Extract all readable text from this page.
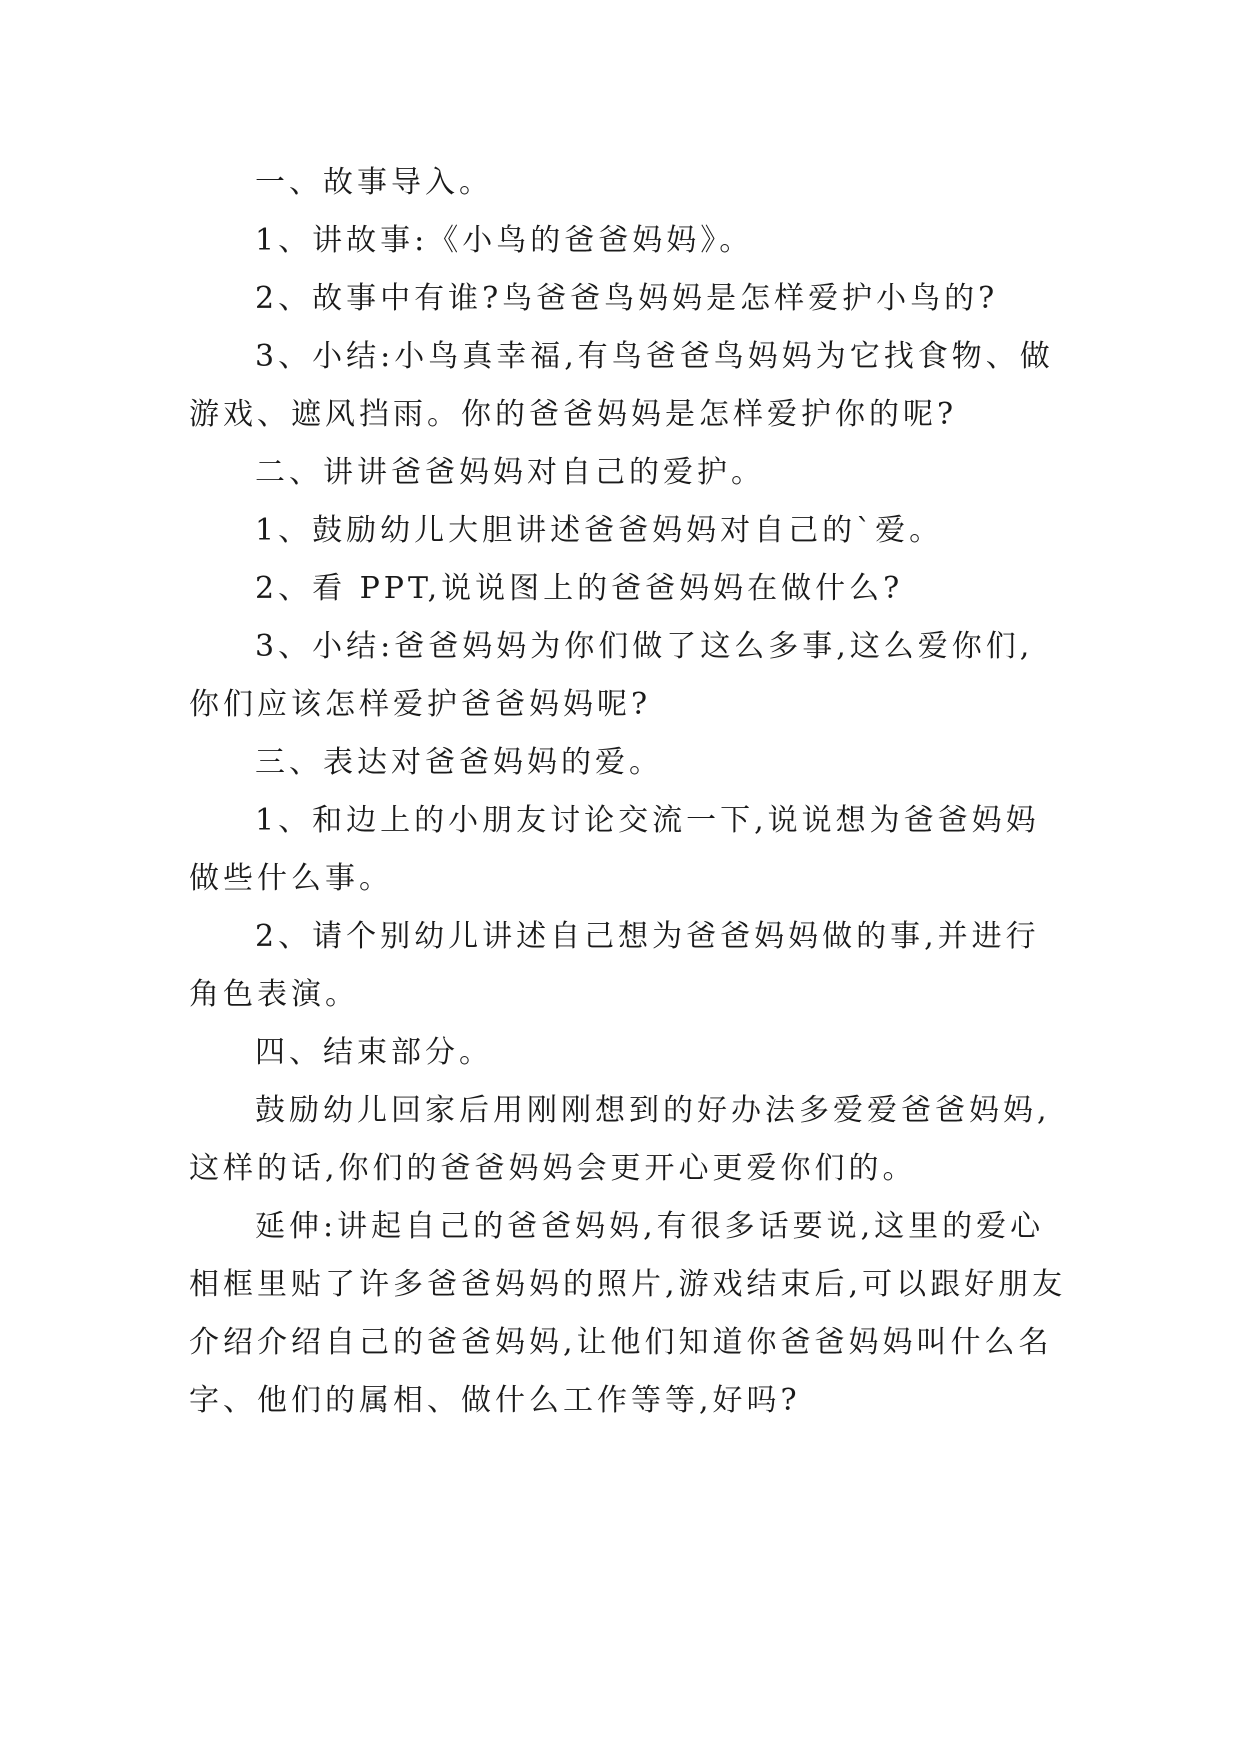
一、故事导入。

1、讲故事:《小鸟的爸爸妈妈》。

2、故事中有谁?鸟爸爸鸟妈妈是怎样爱护小鸟的?

3、小结:小鸟真幸福,有鸟爸爸鸟妈妈为它找食物、做游戏、遮风挡雨。你的爸爸妈妈是怎样爱护你的呢?

二、讲讲爸爸妈妈对自己的爱护。

1、鼓励幼儿大胆讲述爸爸妈妈对自己的`爱。

2、看 PPT,说说图上的爸爸妈妈在做什么?

3、小结:爸爸妈妈为你们做了这么多事,这么爱你们,你们应该怎样爱护爸爸妈妈呢?

三、表达对爸爸妈妈的爱。

1、和边上的小朋友讨论交流一下,说说想为爸爸妈妈做些什么事。

2、请个别幼儿讲述自己想为爸爸妈妈做的事,并进行角色表演。

四、结束部分。

鼓励幼儿回家后用刚刚想到的好办法多爱爱爸爸妈妈,这样的话,你们的爸爸妈妈会更开心更爱你们的。

延伸:讲起自己的爸爸妈妈,有很多话要说,这里的爱心相框里贴了许多爸爸妈妈的照片,游戏结束后,可以跟好朋友介绍介绍自己的爸爸妈妈,让他们知道你爸爸妈妈叫什么名字、他们的属相、做什么工作等等,好吗?
